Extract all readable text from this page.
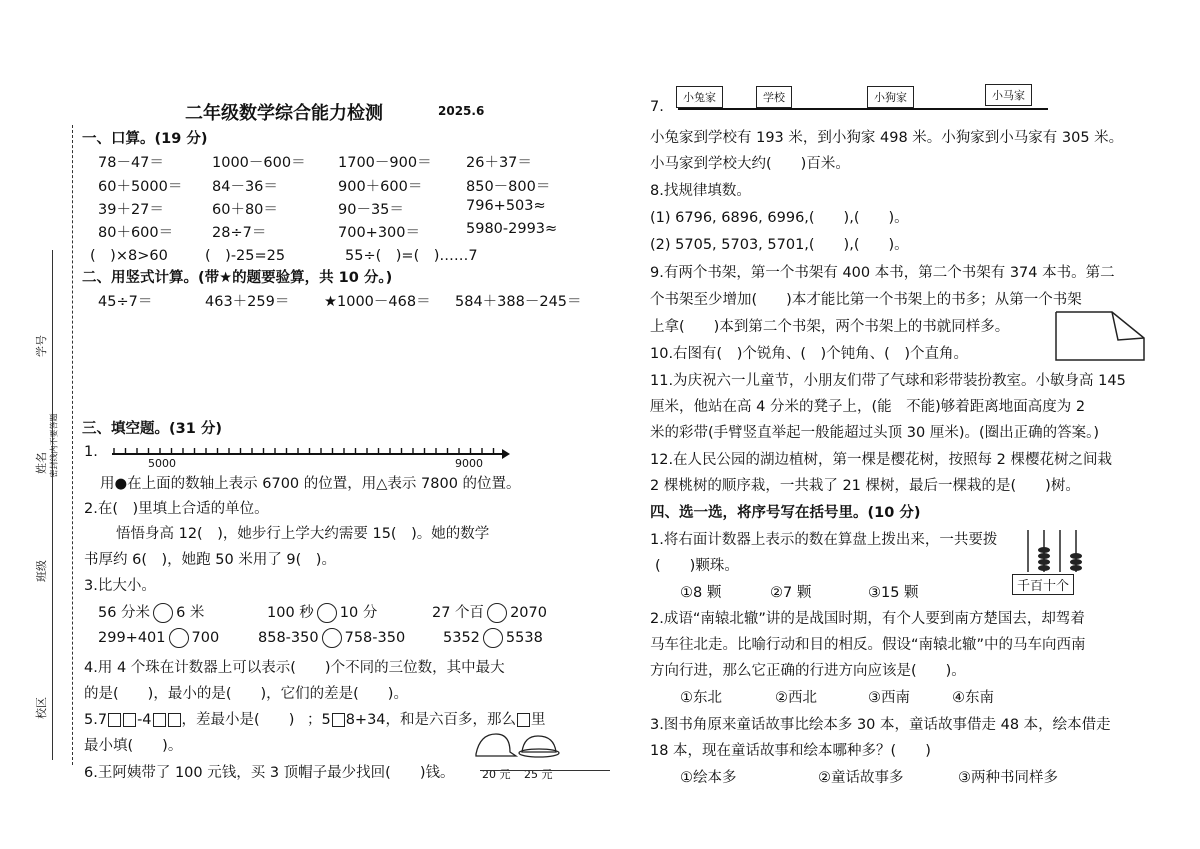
学号
姓名
班级
校区
密封线内不要答题
二年级数学综合能力检测	2025.6
一、口算。(19 分)
78－47＝	1000－600＝ 1700－900＝ 26＋37＝
60＋5000＝ 84－36＝	900＋600＝	850－800＝
39＋27＝	60＋80＝	90－35＝	796+503≈
80＋600＝	28÷7＝	700+300＝	5980-2993≈
(　)×8>60	(　)-25=25	55÷(　)=(　)……7
二、用竖式计算。(带★的题要验算，共 10 分。)
45÷7＝	463＋259＝ ★1000－468＝ 584＋388－245＝
三、填空题。(31 分)
1.
5000	9000
用●在上面的数轴上表示 6700 的位置，用△表示 7800 的位置。
2.在(　)里填上合适的单位。
悟悟身高 12(　)，她步行上学大约需要 15(　)。她的数学
书厚约 6(　)，她跑 50 米用了 9(　)。
3.比大小。
56 分米 6 米	100 秒 10 分	27 个百 2070
299+401 700	858-350 758-350	5352 5538
4.用 4 个珠在计数器上可以表示(　　)个不同的三位数，其中最大
的是(　　)，最小的是(　　)，它们的差是(　　)。
5.7 -4 ，差最小是(　　) ；5 8+34，和是六百多，那么 里
最小填(　　)。
6.王阿姨带了 100 元钱，买 3 顶帽子最少找回(　　)钱。	20 元 25 元
7.
小兔家	学校	小狗家	小马家
小兔家到学校有 193 米，到小狗家 498 米。小狗家到小马家有 305 米。
小马家到学校大约(　　)百米。
8.找规律填数。
(1) 6796, 6896, 6996,(　　),(　　)。
(2) 5705, 5703, 5701,(　　),(　　)。
9.有两个书架，第一个书架有 400 本书，第二个书架有 374 本书。第二
个书架至少增加(　　)本才能比第一个书架上的书多；从第一个书架
上拿(　　)本到第二个书架，两个书架上的书就同样多。
10.右图有(　)个锐角、(　)个钝角、(　)个直角。
11.为庆祝六一儿童节，小朋友们带了气球和彩带装扮教室。小敏身高 145
厘米，他站在高 4 分米的凳子上，(能　不能)够着距离地面高度为 2
米的彩带(手臂竖直举起一般能超过头顶 30 厘米)。(圈出正确的答案。)
12.在人民公园的湖边植树，第一棵是樱花树，按照每 2 棵樱花树之间栽
2 棵桃树的顺序栽，一共栽了 21 棵树，最后一棵栽的是(　　)树。
四、选一选，将序号写在括号里。(10 分)
1.将右面计数器上表示的数在算盘上拨出来，一共要拨
(　　)颗珠。
①8 颗	②7 颗	③15 颗	千百十个
2.成语“南辕北辙”讲的是战国时期，有个人要到南方楚国去，却驾着
马车往北走。比喻行动和目的相反。假设“南辕北辙”中的马车向西南
方向行进，那么它正确的行进方向应该是(　　)。
①东北	②西北	③西南	④东南
3.图书角原来童话故事比绘本多 30 本，童话故事借走 48 本，绘本借走
18 本，现在童话故事和绘本哪种多？(　　)
①绘本多	②童话故事多	③两种书同样多
